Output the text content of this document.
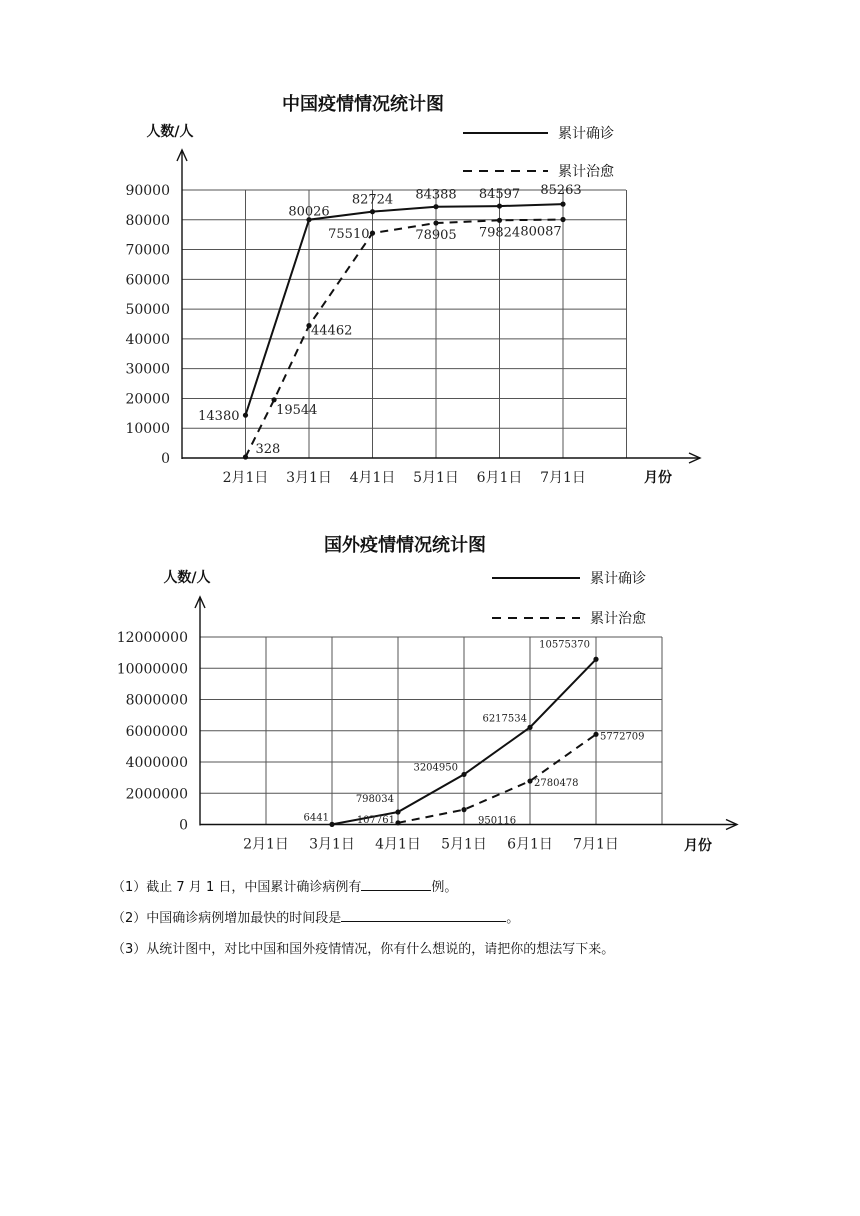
中国疫情情况统计图
人数/人
月份
0
10000
20000
30000
40000
50000
60000
70000
80000
90000
2月1日 3月1日 4月1日 5月1日 6月1日 7月1日
累计确诊
累计治愈
14380
80026
82724 84388 84597 85263
328
19544
44462
75510	78905 79824 80087
国外疫情情况统计图
人数/人
月份
0
2000000
4000000
6000000
8000000
10000000
12000000
2月1日 3月1日 4月1日 5月1日 6月1日 7月1日
累计确诊
累计治愈
6441
798034
3204950
6217534
10575370
107761	950116
2780478
5772709
（1）截止 7 月 1 日，中国累计确诊病例有	例。
（2）中国确诊病例增加最快的时间段是	。
（3）从统计图中，对比中国和国外疫情情况，你有什么想说的，请把你的想法写下来。
